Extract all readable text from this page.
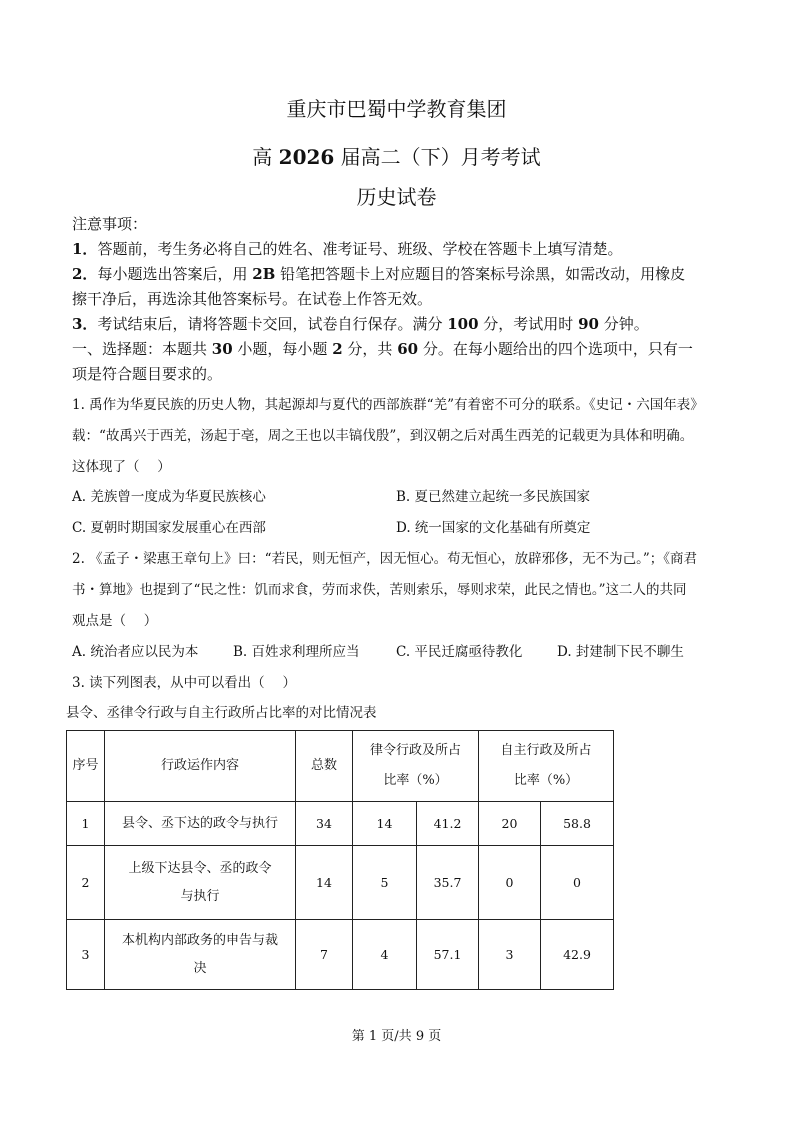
重庆市巴蜀中学教育集团
高 2026 届高二（下）月考考试
历史试卷
注意事项：
1．答题前，考生务必将自己的姓名、准考证号、班级、学校在答题卡上填写清楚。
2．每小题选出答案后，用 2B 铅笔把答题卡上对应题目的答案标号涂黑，如需改动，用橡皮
擦干净后，再选涂其他答案标号。在试卷上作答无效。
3．考试结束后，请将答题卡交回，试卷自行保存。满分 100 分，考试用时 90 分钟。
一、选择题：本题共 30 小题，每小题 2 分，共 60 分。在每小题给出的四个选项中，只有一
项是符合题目要求的。
1. 禹作为华夏民族的历史人物，其起源却与夏代的西部族群“羌”有着密不可分的联系。《史记・六国年表》
载：“故禹兴于西羌，汤起于亳，周之王也以丰镐伐殷”，到汉朝之后对禹生西羌的记载更为具体和明确。
这体现了（　 ）
A. 羌族曾一度成为华夏民族核心	B. 夏已然建立起统一多民族国家
C. 夏朝时期国家发展重心在西部	D. 统一国家的文化基础有所奠定
2. 《孟子・梁惠王章句上》曰：“若民，则无恒产，因无恒心。苟无恒心，放辟邪侈，无不为己。”；《商君
书・算地》也提到了“民之性：饥而求食，劳而求佚，苦则索乐，辱则求荣，此民之情也。”这二人的共同
观点是（　 ）
A. 统治者应以民为本	B. 百姓求利理所应当	C. 平民迁腐亟待教化	D. 封建制下民不聊生
3. 读下列图表，从中可以看出（　 ）
县令、丞律令行政与自主行政所占比率的对比情况表
序号	行政运作内容	总数	律令行政及所占比率（%）		自主行政及所占比率（%）	
1	县令、丞下达的政令与执行	34	14	41.2	20	58.8
2	上级下达县令、丞的政令与执行	14	5	35.7	0	0
3	本机构内部政务的申告与裁决	7	4	57.1	3	42.9
第 1 页/共 9 页
